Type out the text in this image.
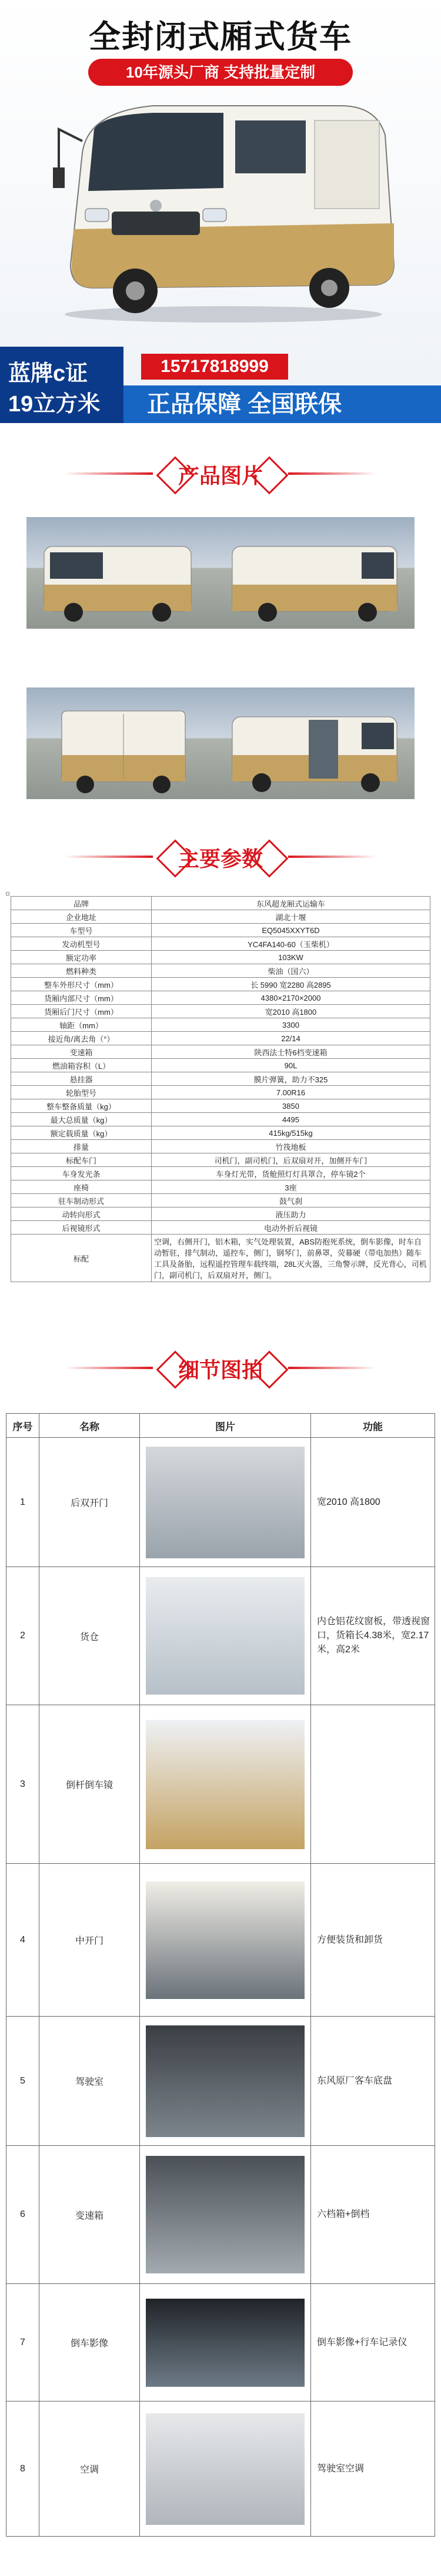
全封闭式厢式货车
10年源头厂商 支持批量定制
蓝牌c证
19立方米
15717818999
正品保障 全国联保
产品图片
主要参数
品牌	东风超龙厢式运输车
企业地址	湖北十堰
车型号	EQ5045XXYT6D
发动机型号	YC4FA140-60（玉柴机）
额定功率	103KW
燃料种类	柴油（国六）
整车外形尺寸（mm）	长 5990 宽2280 高2895
货厢内部尺寸（mm）	4380×2170×2000
货厢后门尺寸（mm）	宽2010 高1800
轴距（mm）	3300
接近角/离去角（°）	22/14
变速箱	陕西法士特6档变速箱
燃油箱容积（L）	90L
悬挂器	膜片弹簧，助力不325
轮胎型号	7.00R16
整车整备质量（kg）	3850
最大总质量（kg）	4495
额定载质量（kg）	415kg/515kg
排量	竹筏地板
标配车门	司机门，副司机门，后双扇对开，加侧开车门
车身发光条	车身灯光带，货舱照灯灯具罩合，停车镜2个
座椅	3座
驻车制动形式	鼓气刹
动转向形式	液压助力
后视镜形式	电动外折后视镜
标配	空调，右侧开门，铝木箱，实气处理装置，ABS防抱死系统，倒车影像，时车自动暂驻，排气制动，遥控车，侧门，钢琴门，前鼻罩，荧幕硬（带电加热）随车工具及备胎，远程遥控管理车载终端，28L灭火器，三角警示牌，反光背心，司机门，副司机门，后双扇对开，侧门。
细节图拍
序号	名称	图片	功能
1	后双开门		宽2010 高1800
2	货仓		内仓铝花纹窗板，带透视窗口，货箱长4.38米，宽2.17米，高2米
3	倒杆倒车镜	

4	中开门		方便装货和卸货
5	驾驶室		东风原厂客车底盘
6	变速箱		六档箱+倒档
7	倒车影像		倒车影像+行车记录仪
8	空调		驾驶室空调
